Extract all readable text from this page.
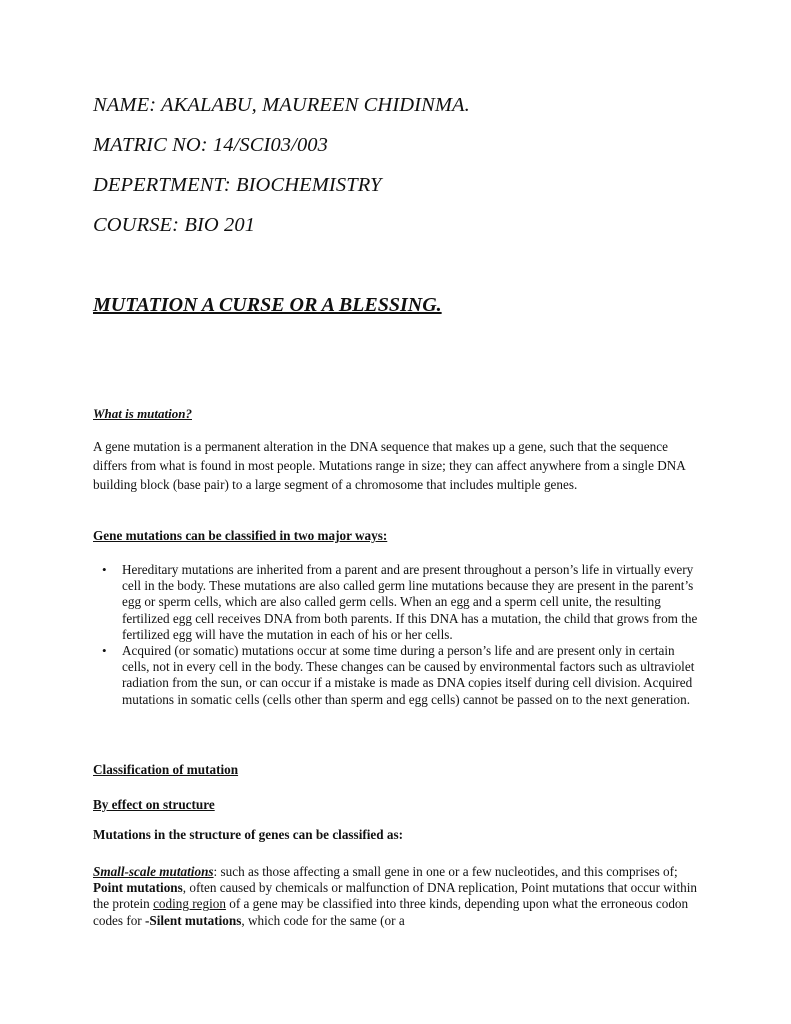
NAME: AKALABU, MAUREEN CHIDINMA.
MATRIC NO: 14/SCI03/003
DEPERTMENT: BIOCHEMISTRY
COURSE: BIO 201
MUTATION A CURSE OR A BLESSING.
What is mutation?
A gene mutation is a permanent alteration in the DNA sequence that makes up a gene, such that the sequence differs from what is found in most people. Mutations range in size; they can affect anywhere from a single DNA building block (base pair) to a large segment of a chromosome that includes multiple genes.
Gene mutations can be classified in two major ways:
• Hereditary mutations are inherited from a parent and are present throughout a person’s life in virtually every cell in the body. These mutations are also called germ line mutations because they are present in the parent’s egg or sperm cells, which are also called germ cells. When an egg and a sperm cell unite, the resulting fertilized egg cell receives DNA from both parents. If this DNA has a mutation, the child that grows from the fertilized egg will have the mutation in each of his or her cells.
• Acquired (or somatic) mutations occur at some time during a person’s life and are present only in certain cells, not in every cell in the body. These changes can be caused by environmental factors such as ultraviolet radiation from the sun, or can occur if a mistake is made as DNA copies itself during cell division. Acquired mutations in somatic cells (cells other than sperm and egg cells) cannot be passed on to the next generation.
Classification of mutation
By effect on structure
Mutations in the structure of genes can be classified as:
Small-scale mutations: such as those affecting a small gene in one or a few nucleotides, and this comprises of; Point mutations, often caused by chemicals or malfunction of DNA replication, Point mutations that occur within the protein coding region of a gene may be classified into three kinds, depending upon what the erroneous codon codes for -Silent mutations, which code for the same (or a
